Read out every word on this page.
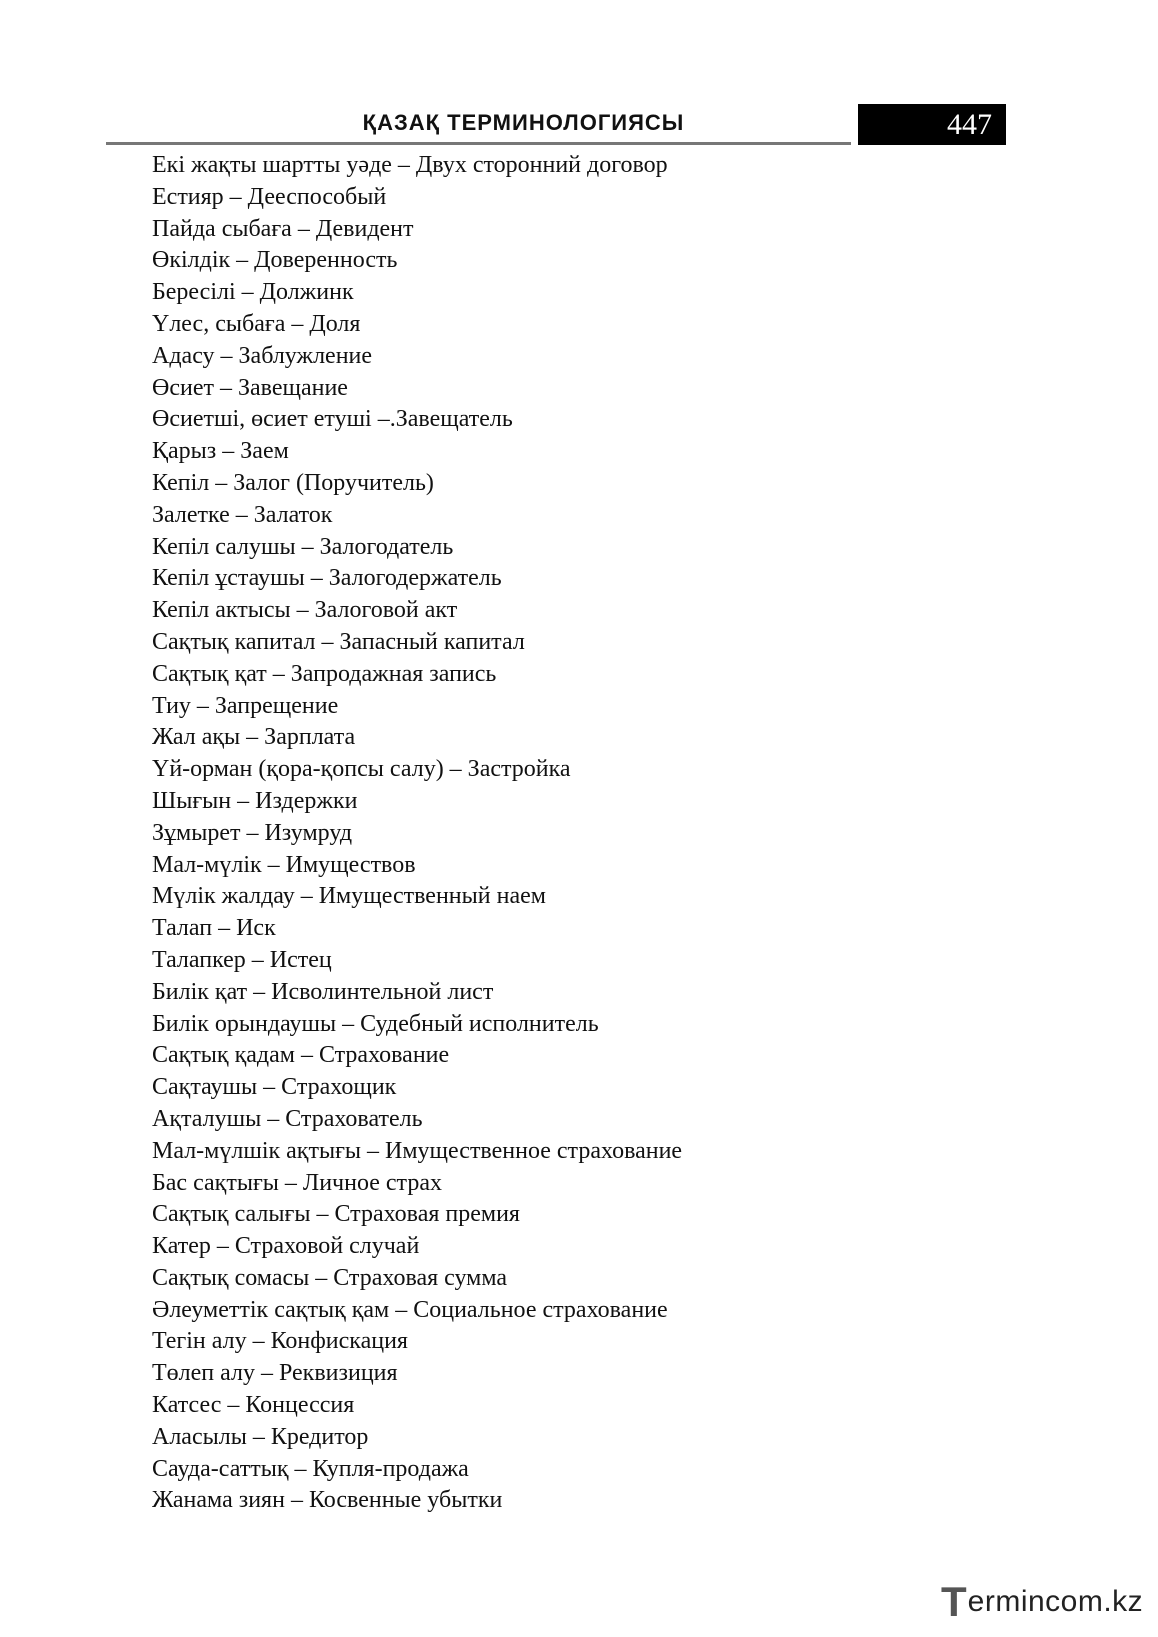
ҚАЗАҚ ТЕРМИНОЛОГИЯСЫ	447
Екі жақты шартты уәде – Двух сторонний договор
Естияр – Дееспособый
Пайда сыбаға – Девидент
Өкілдік – Доверенность
Бересілі – Должинк
Үлес, сыбаға – Доля
Адасу – Заблужление
Өсиет – Завещание
Өсиетші, өсиет етуші –.Завещатель
Қарыз – Заем
Кепіл – Залог (Поручитель)
Залетке – Залаток
Кепіл салушы – Залогодатель
Кепіл ұстаушы – Залогодержатель
Кепіл актысы – Залоговой акт
Сақтық капитал – Запасный капитал
Сақтық қат – Запродажная запись
Тиу – Запрещение
Жал ақы – Зарплата
Үй-орман (қора-қопсы салу) – Застройка
Шығын – Издержки
Зұмырет – Изумруд
Мал-мүлік – Имуществов
Мүлік жалдау – Имущественный наем
Талап – Иск
Талапкер – Истец
Билік қат – Исволинтельной лист
Билік орындаушы – Судебный исполнитель
Сақтық қадам – Страхование
Сақтаушы – Страхощик
Ақталушы – Страхователь
Мал-мүлшік ақтығы – Имущественное страхование
Бас сақтығы – Личное страх
Сақтық салығы – Страховая премия
Катер – Страховой случай
Сақтық сомасы – Страховая сумма
Әлеуметтік сақтық қам – Социальное страхование
Тегін алу – Конфискация
Төлеп алу – Реквизиция
Катсес – Концессия
Аласылы – Кредитор
Сауда-саттық – Купля-продажа
Жанама зиян – Косвенные убытки
T ermincom.kz
